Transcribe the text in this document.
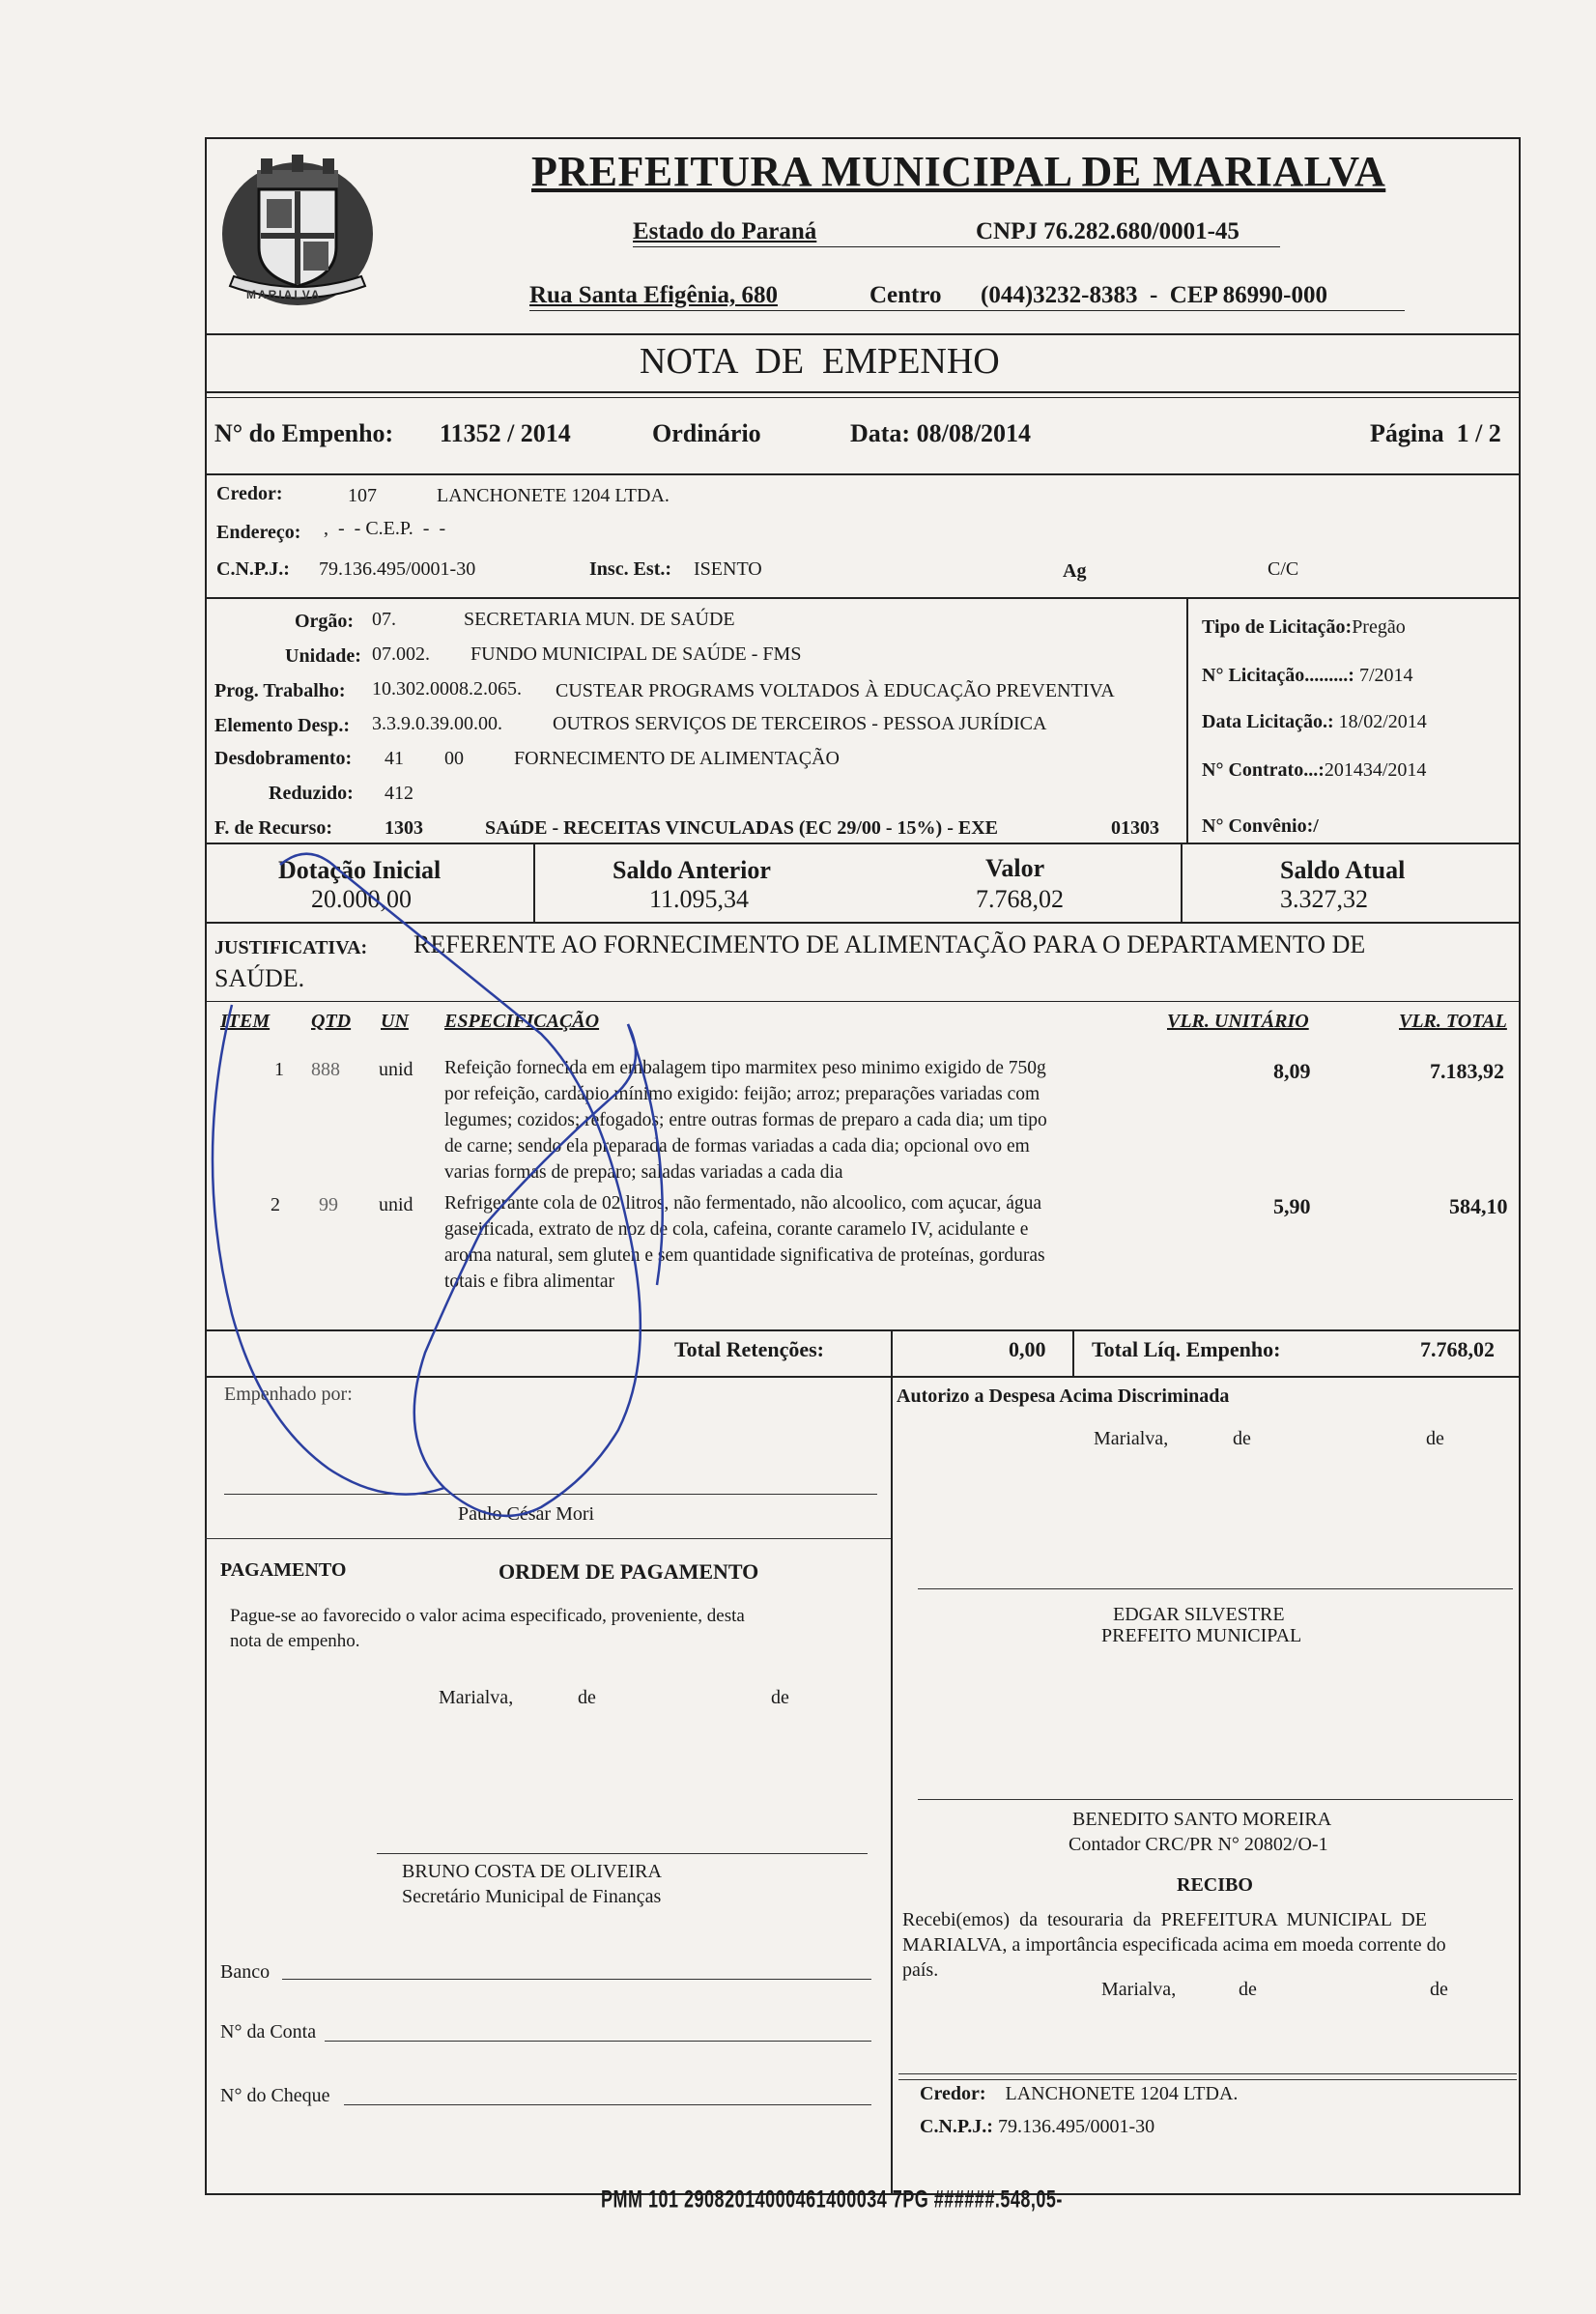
MARIALVA
PREFEITURA MUNICIPAL DE MARIALVA
Estado do Paraná	CNPJ 76.282.680/0001-45
Rua Santa Efigênia, 680	Centro (044)3232-8383  -  CEP 86990-000
NOTA  DE  EMPENHO
N° do Empenho: 11352 / 2014	Ordinário	Data: 08/08/2014	Página  1 / 2
Credor:	107	LANCHONETE 1204 LTDA.
Endereço: ,  -  - C.E.P.  -  -
C.N.P.J.: 79.136.495/0001-30	Insc. Est.: ISENTO	Ag	C/C
Orgão: 07.	SECRETARIA MUN. DE SAÚDE
Unidade: 07.002. FUNDO MUNICIPAL DE SAÚDE - FMS
Prog. Trabalho: 10.302.0008.2.065. CUSTEAR PROGRAMS VOLTADOS À EDUCAÇÃO PREVENTIVA
Elemento Desp.: 3.3.9.0.39.00.00.	OUTROS SERVIÇOS DE TERCEIROS - PESSOA JURÍDICA
Desdobramento: 41 00	FORNECIMENTO DE ALIMENTAÇÃO
Reduzido: 412
F. de Recurso:	1303	SAúDE - RECEITAS VINCULADAS (EC 29/00 - 15%) - EXE	01303
Tipo de Licitação:Pregão
N° Licitação.........: 7/2014
Data Licitação.: 18/02/2014
N° Contrato...:201434/2014
N° Convênio:/
Dotação Inicial
20.000,00
Saldo Anterior
11.095,34
Valor
7.768,02
Saldo Atual
3.327,32
JUSTIFICATIVA: REFERENTE AO FORNECIMENTO DE ALIMENTAÇÃO PARA O DEPARTAMENTO DE
SAÚDE.
ITEM QTD UN ESPECIFICAÇÃO	VLR. UNITÁRIO	VLR. TOTAL
1 888 unid Refeição fornecida em embalagem tipo marmitex peso minimo exigido de 750g
por refeição, cardápio mínimo exigido: feijão; arroz; preparações variadas com
legumes; cozidos; refogados; entre outras formas de preparo a cada dia; um tipo
de carne; sendo ela preparada de formas variadas a cada dia; opcional ovo em
varias formas de preparo; saladas variadas a cada dia
8,09	7.183,92
2 99 unid Refrigerante cola de 02 litros, não fermentado, não alcoolico, com açucar, água
gaseificada, extrato de noz de cola, cafeina, corante caramelo IV, acidulante e
aroma natural, sem gluten e sem quantidade significativa de proteínas, gorduras
totais e fibra alimentar
5,90	584,10
Total Retenções:	0,00 Total Líq. Empenho:	7.768,02
Empenhado por:
Paulo César Mori
PAGAMENTO	ORDEM DE PAGAMENTO
Pague-se ao favorecido o valor acima especificado, proveniente, desta
nota de empenho.
Marialva,	de	de
BRUNO COSTA DE OLIVEIRA
Secretário Municipal de Finanças
Banco
N° da Conta
N° do Cheque
Autorizo a Despesa Acima Discriminada
Marialva,	de	de
EDGAR SILVESTRE
PREFEITO MUNICIPAL
BENEDITO SANTO MOREIRA
Contador CRC/PR N° 20802/O-1
RECIBO
Recebi(emos)  da  tesouraria  da  PREFEITURA  MUNICIPAL  DE
MARIALVA, a importância especificada acima em moeda corrente do
país.
Marialva,	de	de
Credor: LANCHONETE 1204 LTDA.
C.N.P.J.: 79.136.495/0001-30
PMM 101 29082014000461400034 7PG ######.548,05-
